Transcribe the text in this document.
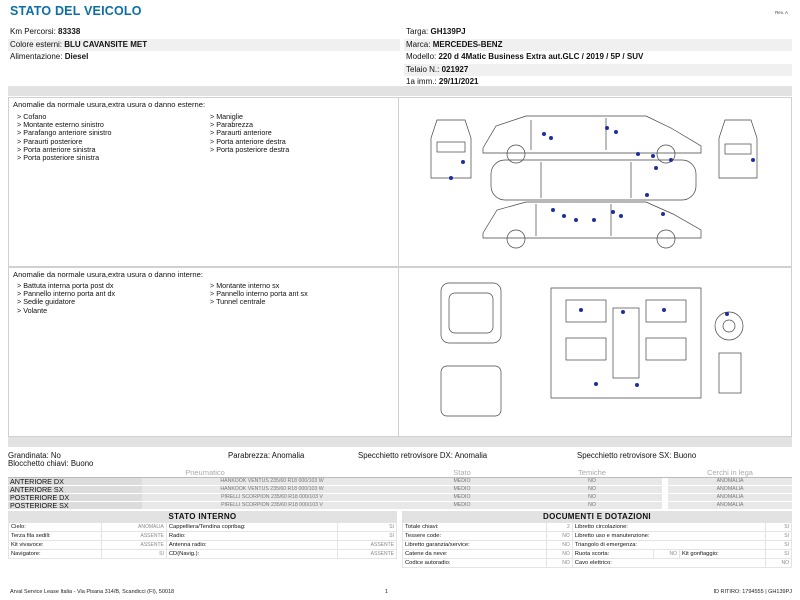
STATO DEL VEICOLO	Rev. A
Km Percorsi: 83338
Colore esterni: BLU CAVANSITE MET
Alimentazione: Diesel
Targa: GH139PJ
Marca: MERCEDES-BENZ
Modello: 220 d 4Matic Business Extra aut.GLC / 2019 / 5P / SUV
Telaio N.: 021927
1a imm.: 29/11/2021
Anomalie da normale usura,extra usura o danno esterne:
> Cofano
> Montante esterno sinistro
> Parafango anteriore sinistro
> Paraurti posteriore
> Porta anteriore sinistra
> Porta posteriore sinistra
> Maniglie
> Parabrezza
> Paraurti anteriore
> Porta anteriore destra
> Porta posteriore destra
Anomalie da normale usura,extra usura o danno interne:
> Battuta interna porta post dx
> Pannello interno porta ant dx
> Sedile guidatore
> Volante
> Montante interno sx
> Pannello interno porta ant sx
> Tunnel centrale
Grandinata: No	Parabrezza: Anomalia	Specchietto retrovisore DX: Anomalia	Specchietto retrovisore SX: Buono
Blocchetto chiavi: Buono
Pneumatico		Stato	Temiche		Cerchi in lega
ANTERIORE DX	HANKOOK VENTUS 235/60 R18 000/103 W	MEDIO	NO		ANOMALIA
ANTERIORE SX	HANKOOK VENTUS 235/60 R18 000/103 W	MEDIO	NO		ANOMALIA
POSTERIORE DX	PIRELLI SCORPION 235/60 R18 000/103 V	MEDIO	NO		ANOMALIA
POSTERIORE SX	PIRELLI SCORPION 235/60 R18 000/103 V	MEDIO	NO		ANOMALIA
STATO INTERNO
Cielo:	ANOMALIA	Cappelliera/Tendina copribag:	SI
Terza fila sedili:	ASSENTE	Radio:	SI
Kit vivavoce:	ASSENTE	Antenna radio:	ASSENTE
Navigatore:	SI	CD(Navig.):	ASSENTE
DOCUMENTI E DOTAZIONI
Totale chiavi:	2	Libretto circolazione:			SI
Tessere code:	NO	Libretto uso e manutenzione:			SI
Libretto garanzia/service:	NO	Triangolo di emergenza:			SI
Catene da neve:	NO	Ruota scorta:	NO	Kit gonfiaggio:	SI
Codice autoradio:	NO	Cavo elettrico:			NO
Arval Service Lease Italia - Via Pisana 314/B, Scandicci (FI), 50018	1	ID RITIRO: 1794555 | GH139PJ
